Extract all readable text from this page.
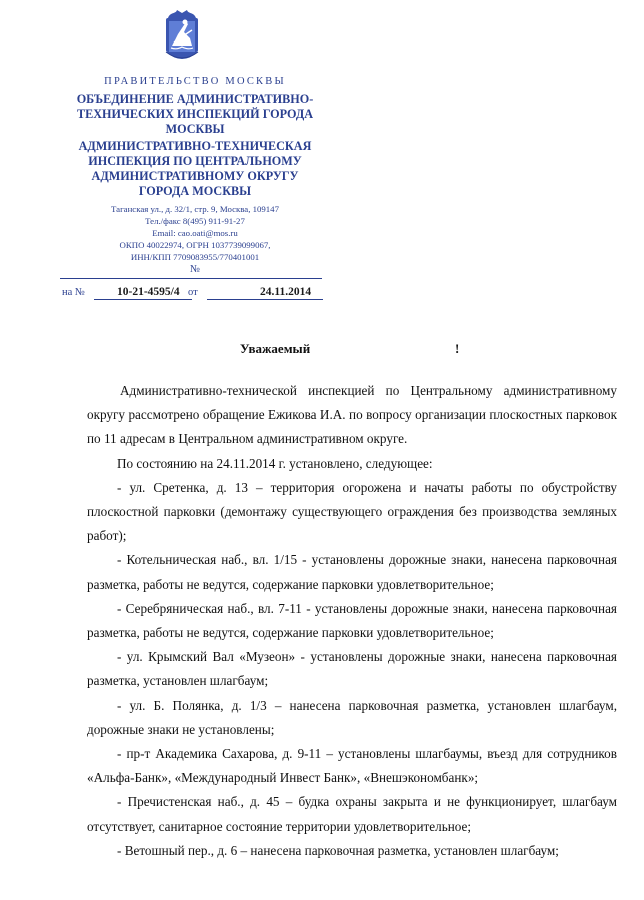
ПРАВИТЕЛЬСТВО МОСКВЫ
ОБЪЕДИНЕНИЕ АДМИНИСТРАТИВНО-
ТЕХНИЧЕСКИХ ИНСПЕКЦИЙ ГОРОДА
МОСКВЫ
АДМИНИСТРАТИВНО-ТЕХНИЧЕСКАЯ
ИНСПЕКЦИЯ ПО ЦЕНТРАЛЬНОМУ
АДМИНИСТРАТИВНОМУ ОКРУГУ
ГОРОДА МОСКВЫ
Таганская ул., д. 32/1, стр. 9, Москва, 109147
Тел./факс 8(495) 911-91-27
Email: cao.oati@mos.ru
ОКПО 40022974, ОГРН 1037739099067,
ИНН/КПП 7709083955/770401001
№
на №	10-21-4595/4 от	24.11.2014
Уважаемый	!

Административно-технической инспекцией по Центральному административному округу рассмотрено обращение Ежикова И.А. по вопросу организации плоскостных парковок по 11 адресам в Центральном административном округе.

По состоянию на 24.11.2014 г. установлено, следующее:

- ул. Сретенка, д. 13 – территория огорожена и начаты работы по обустройству плоскостной парковки (демонтажу существующего ограждения без производства земляных работ);

- Котельническая наб., вл. 1/15 - установлены дорожные знаки, нанесена парковочная разметка, работы не ведутся, содержание парковки удовлетворительное;

- Серебряническая наб., вл. 7-11 - установлены дорожные знаки, нанесена парковочная разметка, работы не ведутся, содержание парковки удовлетворительное;

- ул. Крымский Вал «Музеон» - установлены дорожные знаки, нанесена парковочная разметка, установлен шлагбаум;

- ул. Б. Полянка, д. 1/3 – нанесена парковочная разметка, установлен шлагбаум, дорожные знаки не установлены;

- пр-т Академика Сахарова, д. 9-11 – установлены шлагбаумы, въезд для сотрудников «Альфа-Банк», «Международный Инвест Банк», «Внешэкономбанк»;

- Пречистенская наб., д. 45 – будка охраны закрыта и не функционирует, шлагбаум отсутствует, санитарное состояние территории удовлетворительное;

- Ветошный пер., д. 6 – нанесена парковочная разметка, установлен шлагбаум;
